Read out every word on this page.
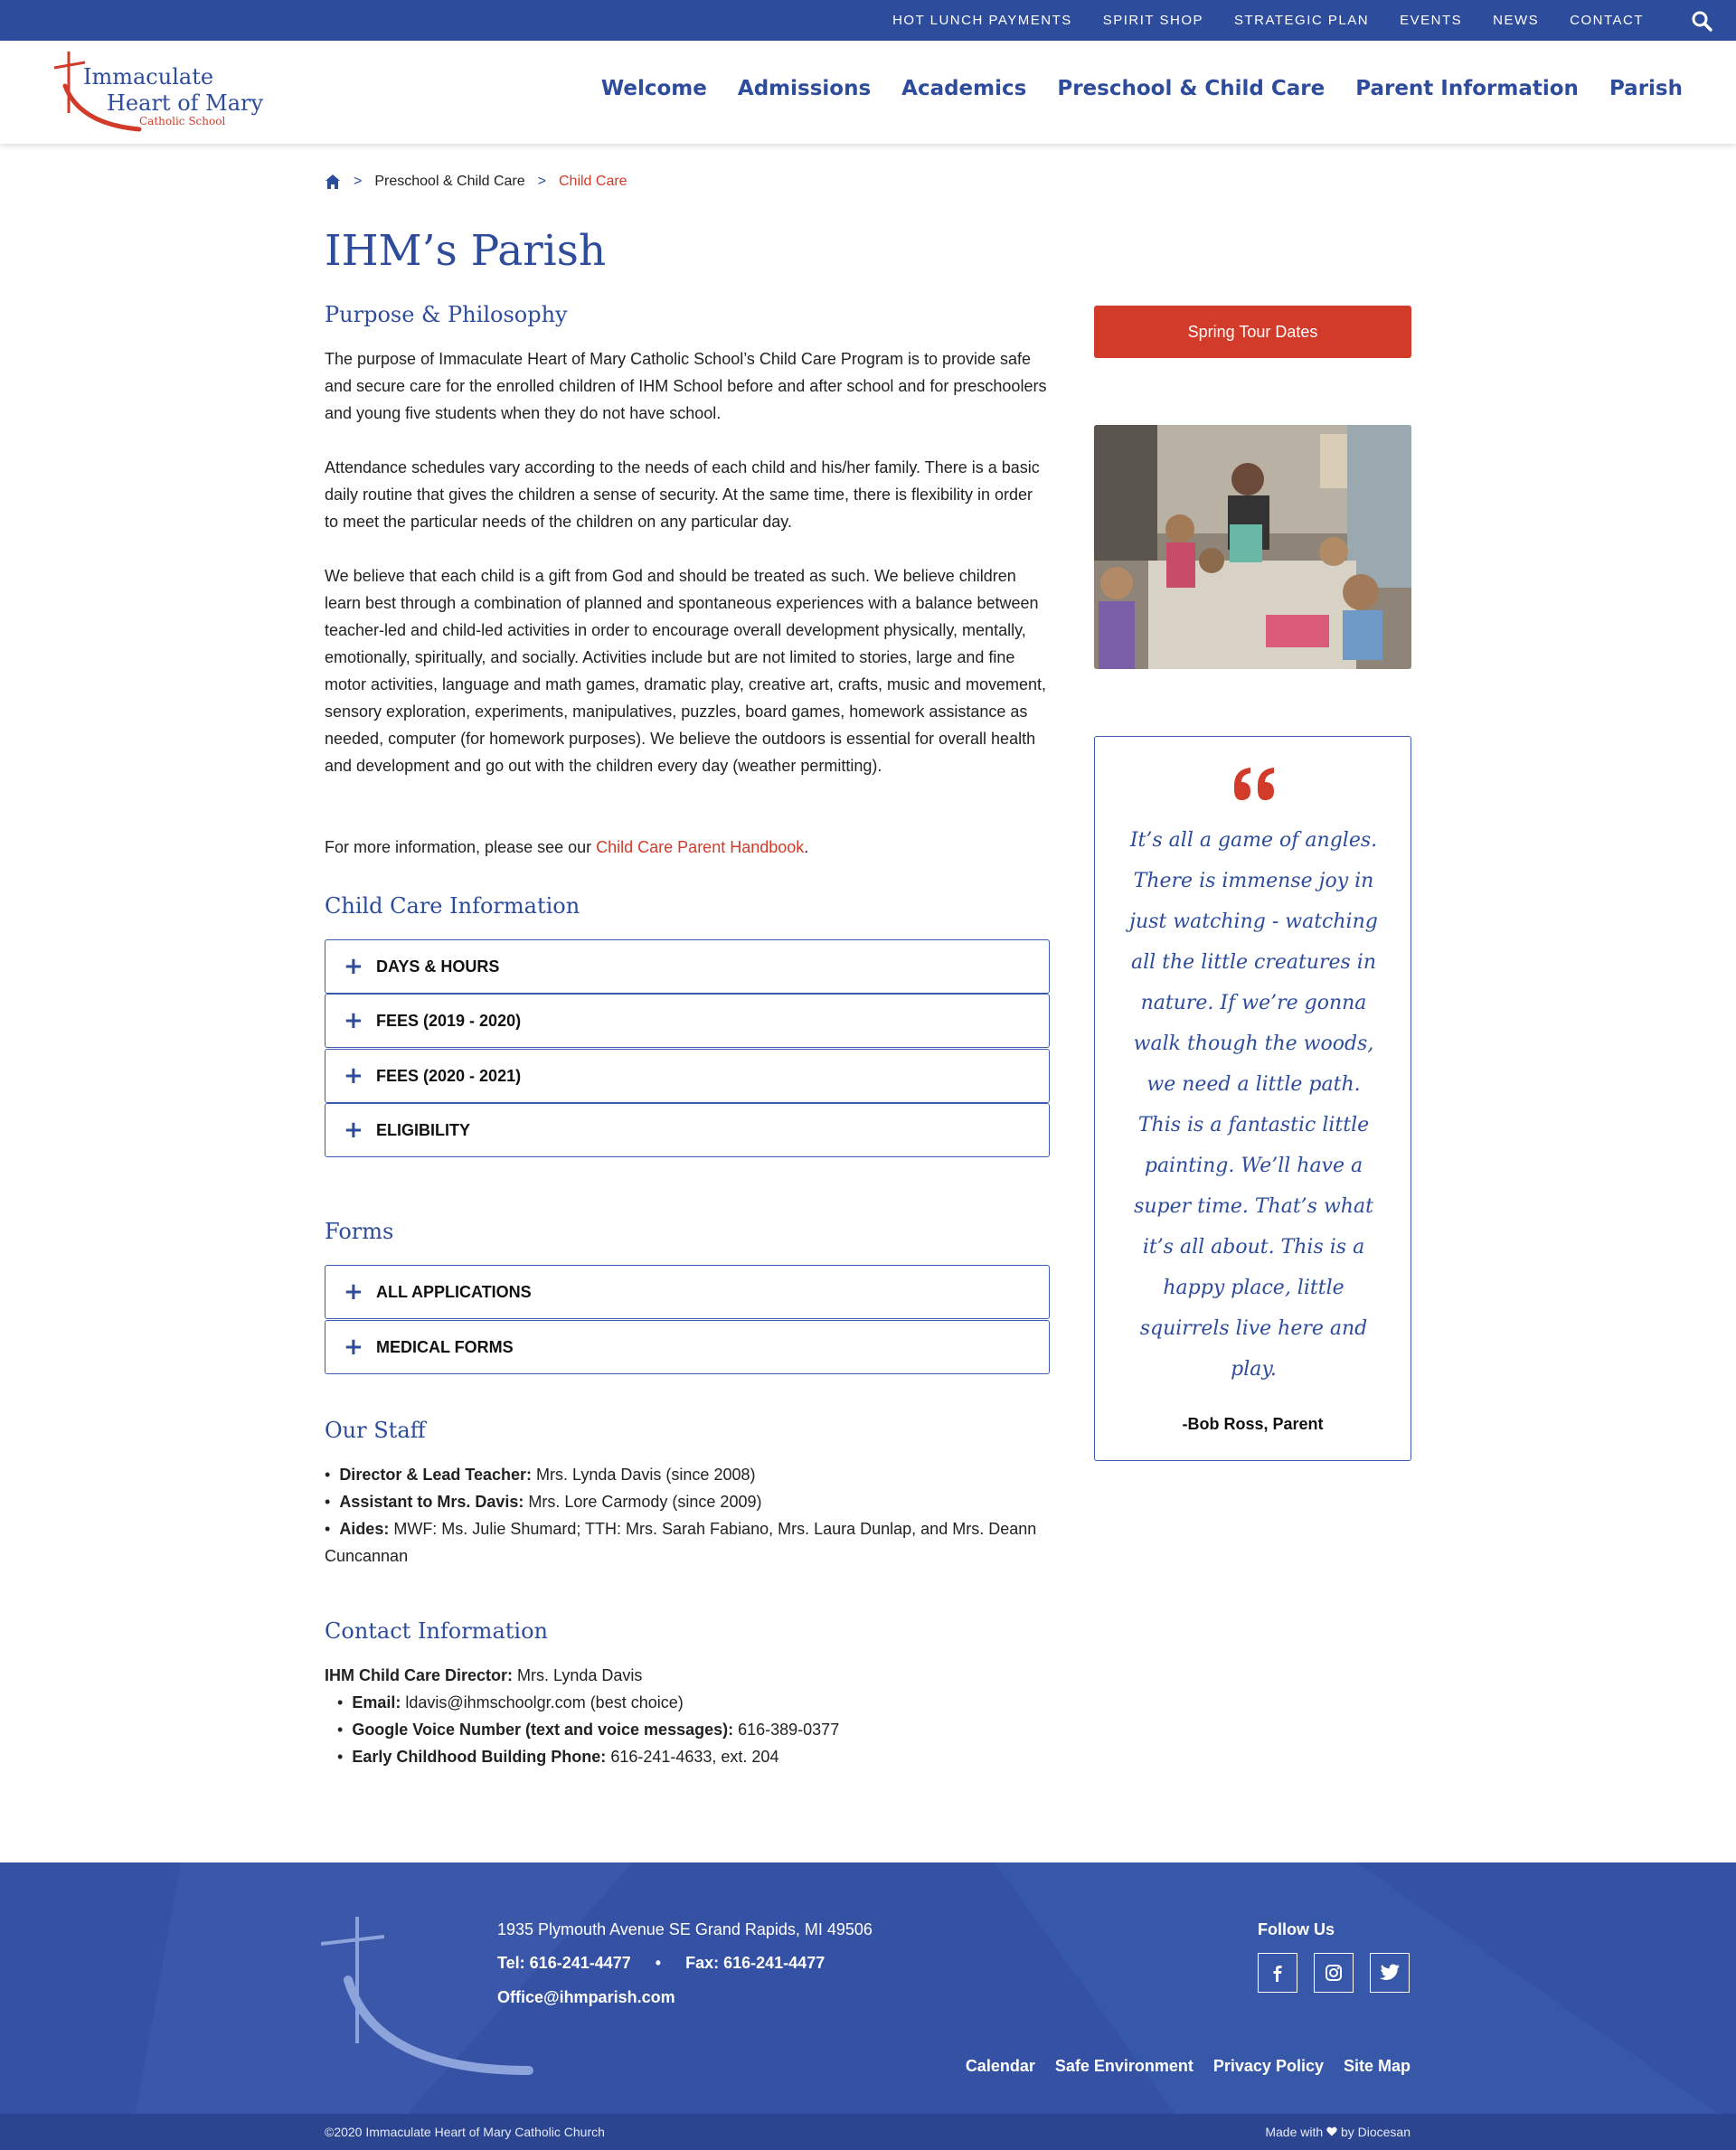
HOT LUNCH PAYMENTS SPIRIT SHOP STRATEGIC PLAN EVENTS NEWS CONTACT
Immaculate
Heart of Mary
Catholic School
Welcome Admissions Academics Preschool & Child Care Parent Information Parish
> Preschool & Child Care > Child Care
IHM’s Parish
Purpose & Philosophy

The purpose of Immaculate Heart of Mary Catholic School’s Child Care Program is to provide safe and secure care for the enrolled children of IHM School before and after school and for preschoolers and young five students when they do not have school.

Attendance schedules vary according to the needs of each child and his/her family. There is a basic daily routine that gives the children a sense of security. At the same time, there is flexibility in order to meet the particular needs of the children on any particular day.

We believe that each child is a gift from God and should be treated as such. We believe children learn best through a combination of planned and spontaneous experiences with a balance between teacher-led and child-led activities in order to encourage overall development physically, mentally, emotionally, spiritually, and socially. Activities include but are not limited to stories, large and fine motor activities, language and math games, dramatic play, creative art, crafts, music and movement, sensory exploration, experiments, manipulatives, puzzles, board games, homework assistance as needed, computer (for homework purposes). We believe the outdoors is essential for overall health and development and go out with the children every day (weather permitting).

For more information, please see our Child Care Parent Handbook.

Child Care Information
+ DAYS & HOURS
+ FEES (2019 - 2020)
+ FEES (2020 - 2021)
+ ELIGIBILITY
Forms
+ ALL APPLICATIONS
+ MEDICAL FORMS
Our Staff
• Director & Lead Teacher: Mrs. Lynda Davis (since 2008)
• Assistant to Mrs. Davis: Mrs. Lore Carmody (since 2009)
• Aides: MWF: Ms. Julie Shumard; TTH: Mrs. Sarah Fabiano, Mrs. Laura Dunlap, and Mrs. Deann Cuncannan
Contact Information

IHM Child Care Director: Mrs. Lynda Davis

• Email: ldavis@ihmschoolgr.com (best choice)
• Google Voice Number (text and voice messages): 616-389-0377
• Early Childhood Building Phone: 616-241-4633, ext. 204
Spring Tour Dates

It’s all a game of angles. There is immense joy in just watching - watching all the little creatures in nature. If we’re gonna walk though the woods, we need a little path. This is a fantastic little painting. We’ll have a super time. That’s what it’s all about. This is a happy place, little squirrels live here and play.

-Bob Ross, Parent

1935 Plymouth Avenue SE Grand Rapids, MI 49506
Tel: 616-241-4477 • Fax: 616-241-4477
Office@ihmparish.com
Follow Us
Calendar Safe Environment Privacy Policy Site Map
©2020 Immaculate Heart of Mary Catholic Church	Made with  by Diocesan
